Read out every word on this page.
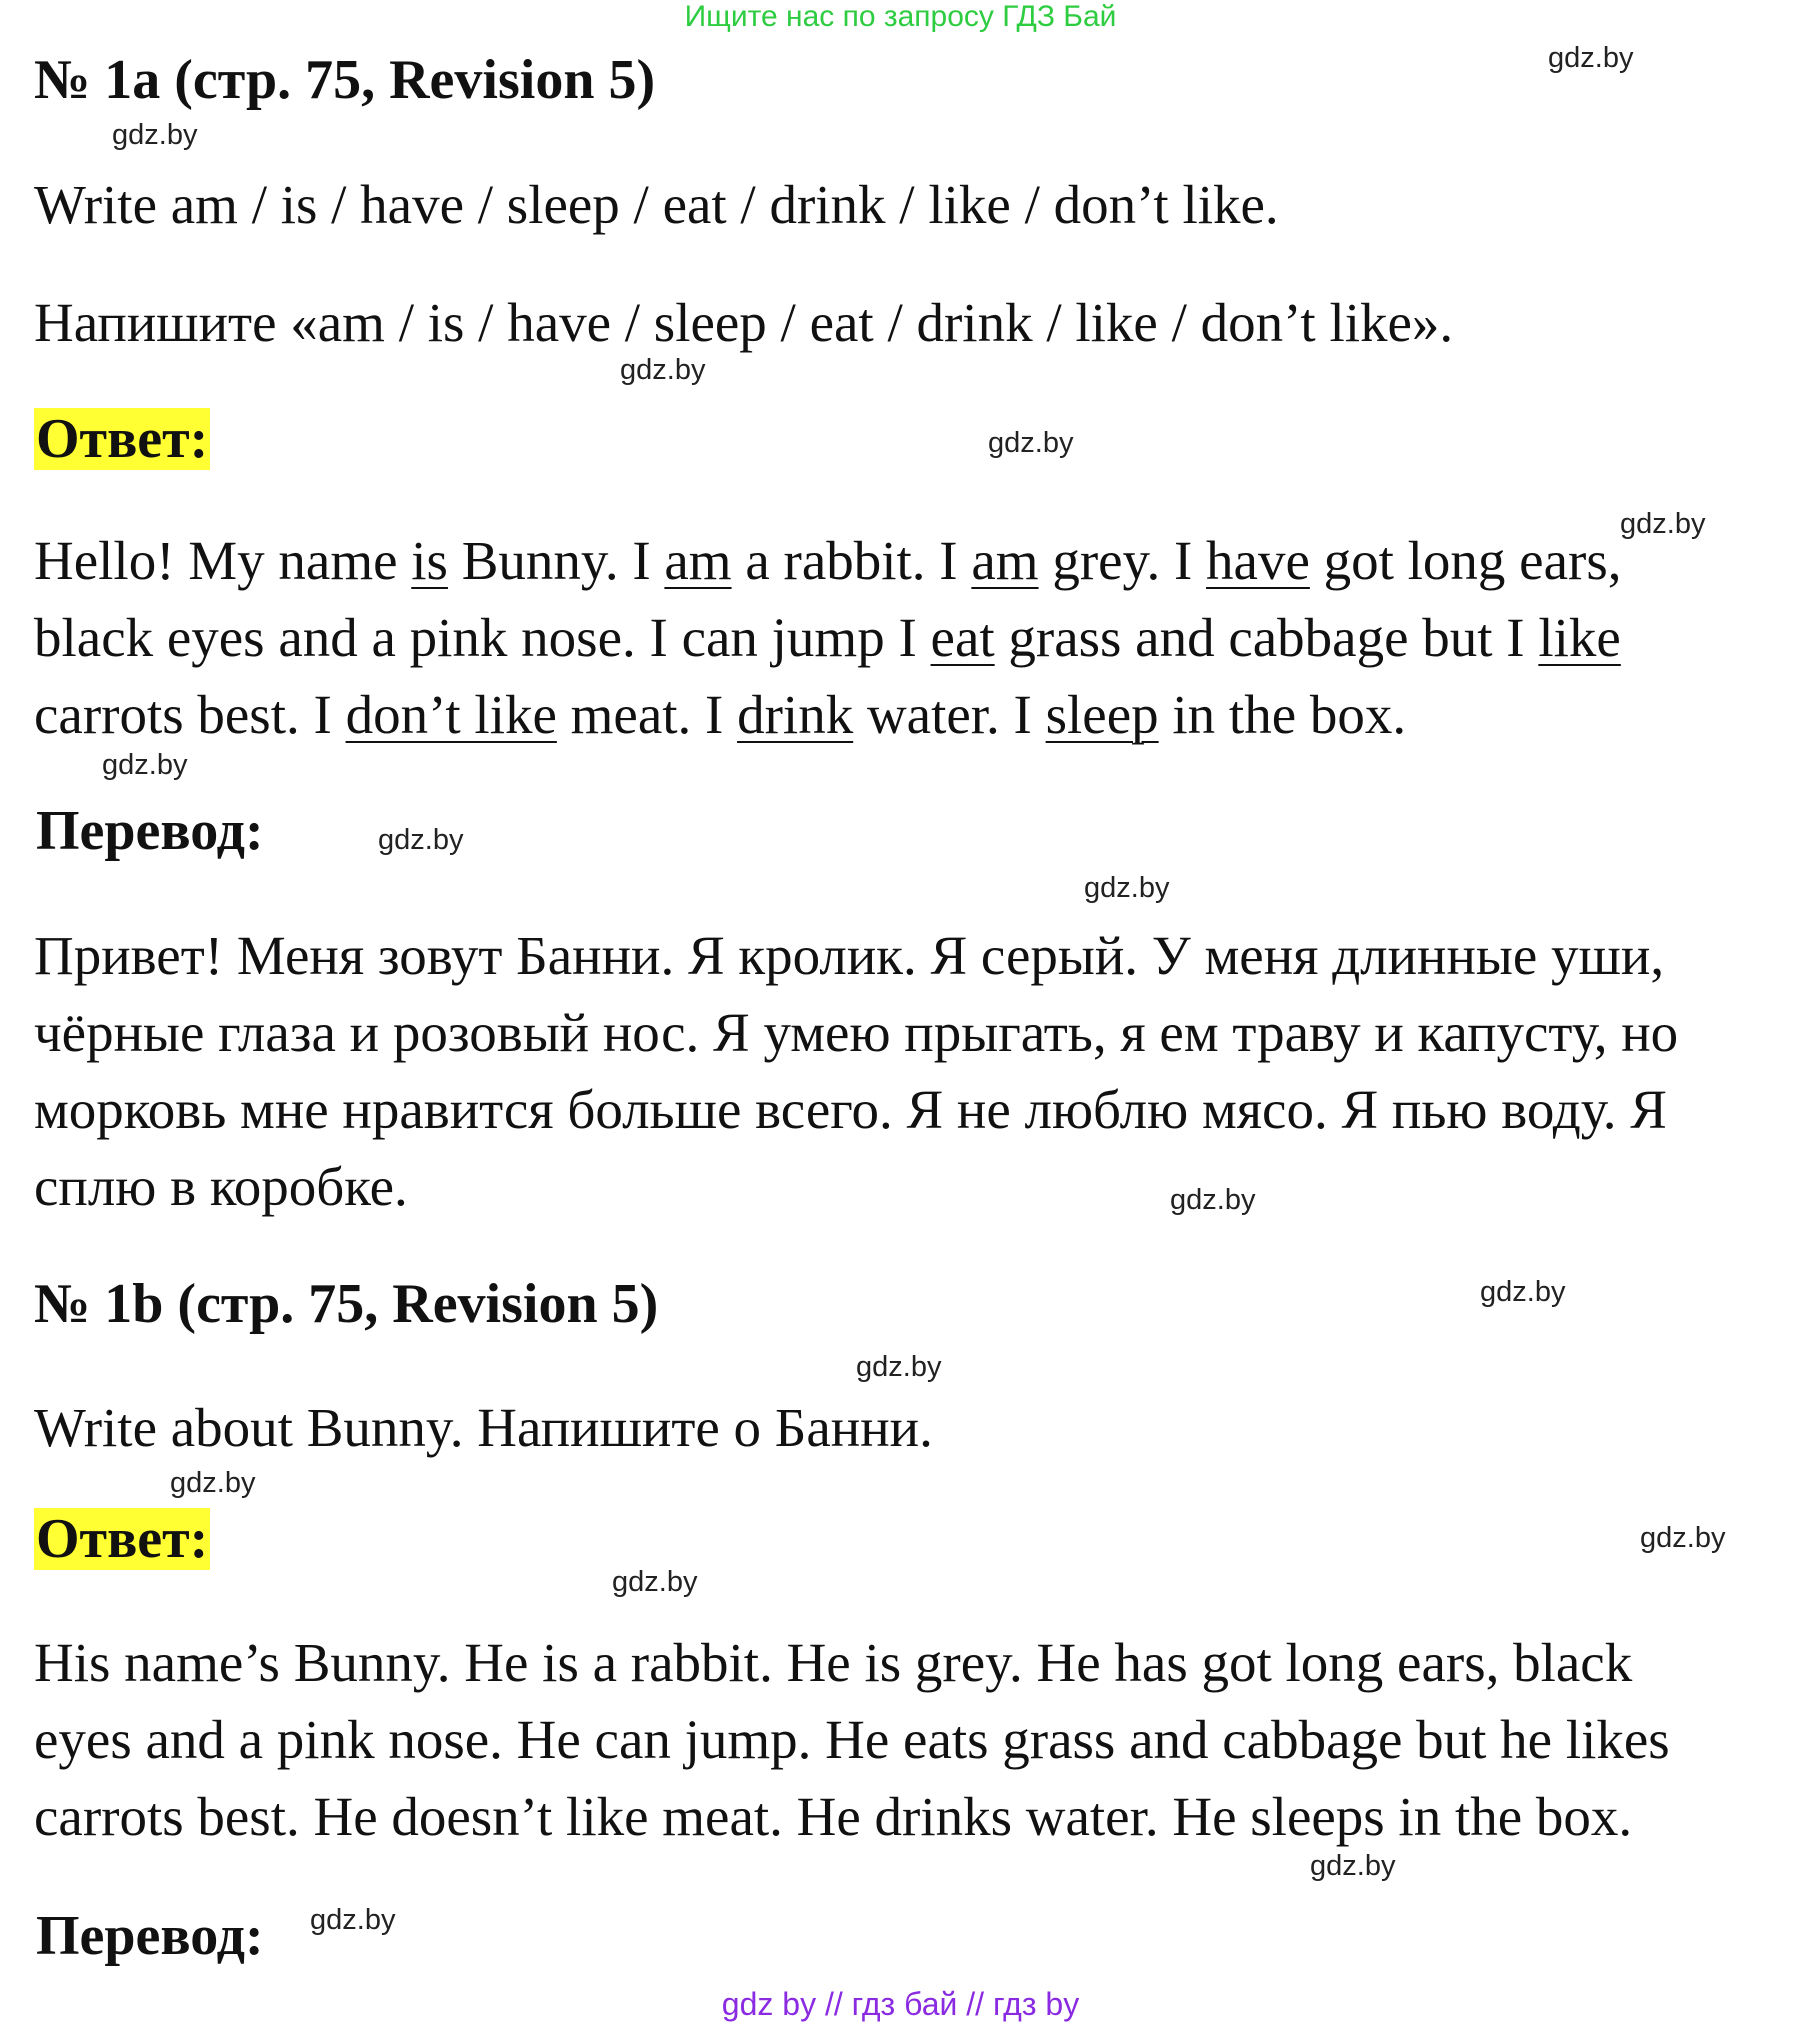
Ищите нас по запросу ГДЗ Бай
№ 1а (стр. 75, Revision 5)
Write am / is / have / sleep / eat / drink / like / don’t like.
Напишите «am / is / have / sleep / eat / drink / like / don’t like».
Ответ:
Hello! My name is Bunny. I am a rabbit. I am grey. I have got long ears,
black eyes and a pink nose. I can jump I eat grass and cabbage but I like
carrots best. I don’t like meat. I drink water. I sleep in the box.
Перевод:
Привет! Меня зовут Банни. Я кролик. Я серый. У меня длинные уши,
чёрные глаза и розовый нос. Я умею прыгать, я ем траву и капусту, но
морковь мне нравится больше всего. Я не люблю мясо. Я пью воду. Я
сплю в коробке.
№ 1b (стр. 75, Revision 5)
Write about Bunny. Напишите о Банни.
Ответ:
His name’s Bunny. He is a rabbit. He is grey. He has got long ears, black
eyes and a pink nose. He can jump. He eats grass and cabbage but he likes
carrots best. He doesn’t like meat. He drinks water. He sleeps in the box.
Перевод:
gdz.by
gdz.by
gdz.by
gdz.by
gdz.by
gdz.by
gdz.by
gdz.by
gdz.by
gdz.by
gdz.by
gdz.by
gdz.by
gdz.by
gdz.by
gdz.by
gdz by // гдз бай // гдз by
